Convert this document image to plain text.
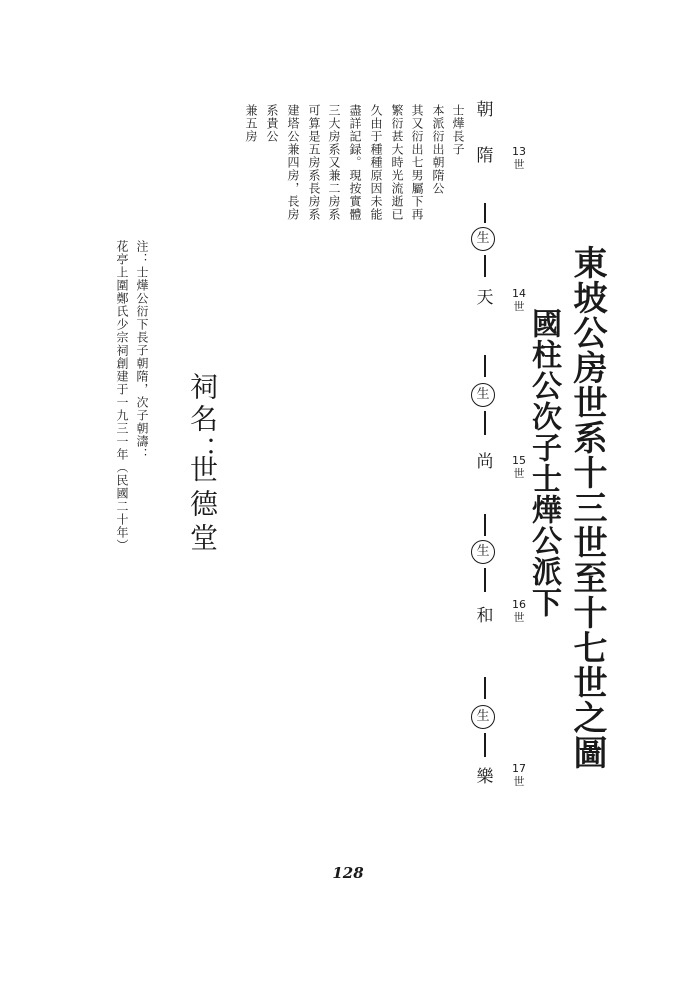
東坡公房世系十三世至十七世之圖
國柱公次子士燁公派下
13
世
14
世
15
世
16
世
17
世
朝
隋
生
天
生
尚
生
和
生
樂
士燁長子
本派衍出朝隋公
其又衍出七男屬下再
繁衍甚大時光流逝已
久由于種種原因未能
盡詳記録。現按實體
三大房系又兼二房系
可算是五房系長房系
建塔公兼四房，長房
系貴公
兼五房
祠名：
世德堂
注：士燁公衍下長子朝隋，次子朝濤：
花亭上圍鄭氏少宗祠創建于一九三一年（民國二十年）
128
